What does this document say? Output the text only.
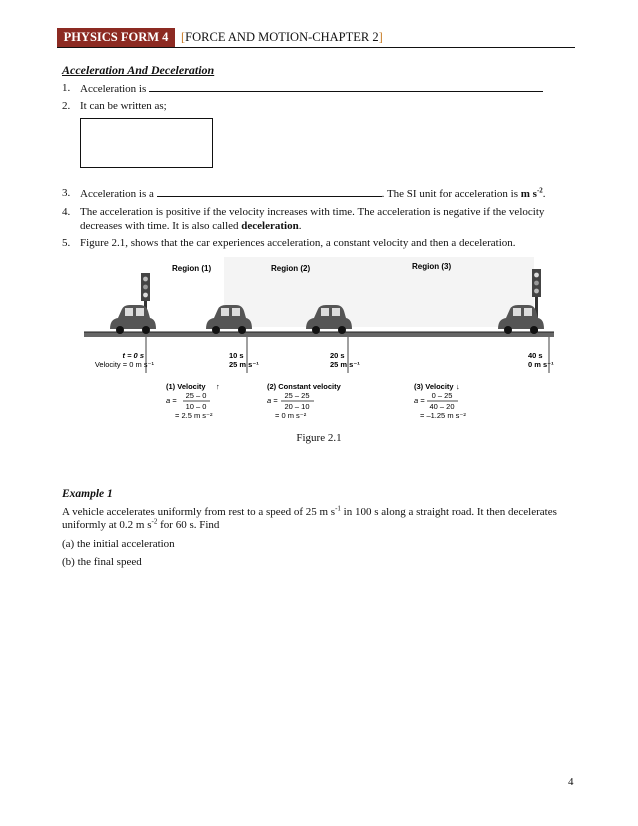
PHYSICS FORM 4	[FORCE AND MOTION-CHAPTER 2]
Acceleration And Deceleration
1. Acceleration is
2. It can be written as;
3. Acceleration is a	. The SI unit for acceleration is m $s^{-2}$.
4. The acceleration is positive if the velocity increases with time. The acceleration is negative if the velocity
decreases with time. It is also called deceleration.
5. Figure 2.1, shows that the car experiences acceleration, a constant velocity and then a deceleration.
Region (1)	Region (2)	Region (3)
t = 0 s
Velocity = 0 m s⁻¹
10 s
25 m s⁻¹
20 s
25 m s⁻¹
40 s
0 m s⁻¹
(1) Velocity ↑
a =
25 – 0
10 – 0
= 2.5 m s⁻²
(2) Constant velocity
a =
25 – 25
20 – 10
= 0 m s⁻²
(3) Velocity ↓
a =
0 – 25
40 – 20
= –1.25 m s⁻²
Figure 2.1
Example 1
A vehicle accelerates uniformly from rest to a speed of 25 m $s^{-1}$ in 100 s along a straight road. It then decelerates
uniformly at 0.2 m $s^{-2}$ for 60 s. Find
(a) the initial acceleration
(b) the final speed
4
